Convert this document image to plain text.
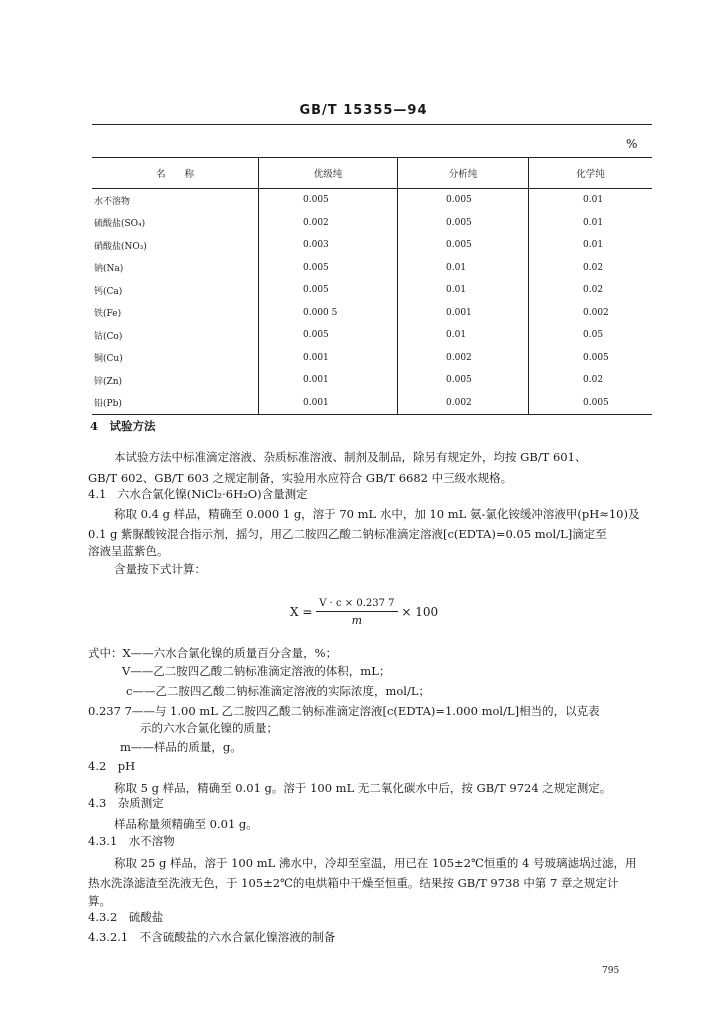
GB/T 15355—94
%
名　　称	优级纯	分析纯	化学纯
水不溶物	0.005	0.005	0.01
硫酸盐(SO₄)	0.002	0.005	0.01
硝酸盐(NO₃)	0.003	0.005	0.01
钠(Na)	0.005	0.01	0.02
钙(Ca)	0.005	0.01	0.02
铁(Fe)	0.000 5	0.001	0.002
钴(Co)	0.005	0.01	0.05
铜(Cu)	0.001	0.002	0.005
锌(Zn)	0.001	0.005	0.02
铅(Pb)	0.001	0.002	0.005
4　试验方法
本试验方法中标准滴定溶液、杂质标准溶液、制剂及制品，除另有规定外，均按 GB/T 601、
GB/T 602、GB/T 603 之规定制备，实验用水应符合 GB/T 6682 中三级水规格。
4.1　六水合氯化镍(NiCl₂·6H₂O)含量测定
称取 0.4 g 样品，精确至 0.000 1 g，溶于 70 mL 水中，加 10 mL 氨-氯化铵缓冲溶液甲(pH≈10)及
0.1 g 紫脲酸铵混合指示剂，摇匀，用乙二胺四乙酸二钠标准滴定溶液[c(EDTA)=0.05 mol/L]滴定至
溶液呈蓝紫色。
含量按下式计算：
$X = \frac{V \cdot c \times 0.237 7}{m} \times 100$
式中：X——六水合氯化镍的质量百分含量，%；
V——乙二胺四乙酸二钠标准滴定溶液的体积，mL；
c——乙二胺四乙酸二钠标准滴定溶液的实际浓度，mol/L；
0.237 7——与 1.00 mL 乙二胺四乙酸二钠标准滴定溶液[c(EDTA)=1.000 mol/L]相当的，以克表
示的六水合氯化镍的质量；
m——样品的质量，g。
4.2　pH
称取 5 g 样品，精确至 0.01 g。溶于 100 mL 无二氧化碳水中后，按 GB/T 9724 之规定测定。
4.3　杂质测定
样品称量须精确至 0.01 g。
4.3.1　水不溶物
称取 25 g 样品，溶于 100 mL 沸水中，冷却至室温，用已在 105±2℃恒重的 4 号玻璃滤埚过滤，用
热水洗涤滤渣至洗液无色，于 105±2℃的电烘箱中干燥至恒重。结果按 GB/T 9738 中第 7 章之规定计
算。
4.3.2　硫酸盐
4.3.2.1　不含硫酸盐的六水合氯化镍溶液的制备
795
